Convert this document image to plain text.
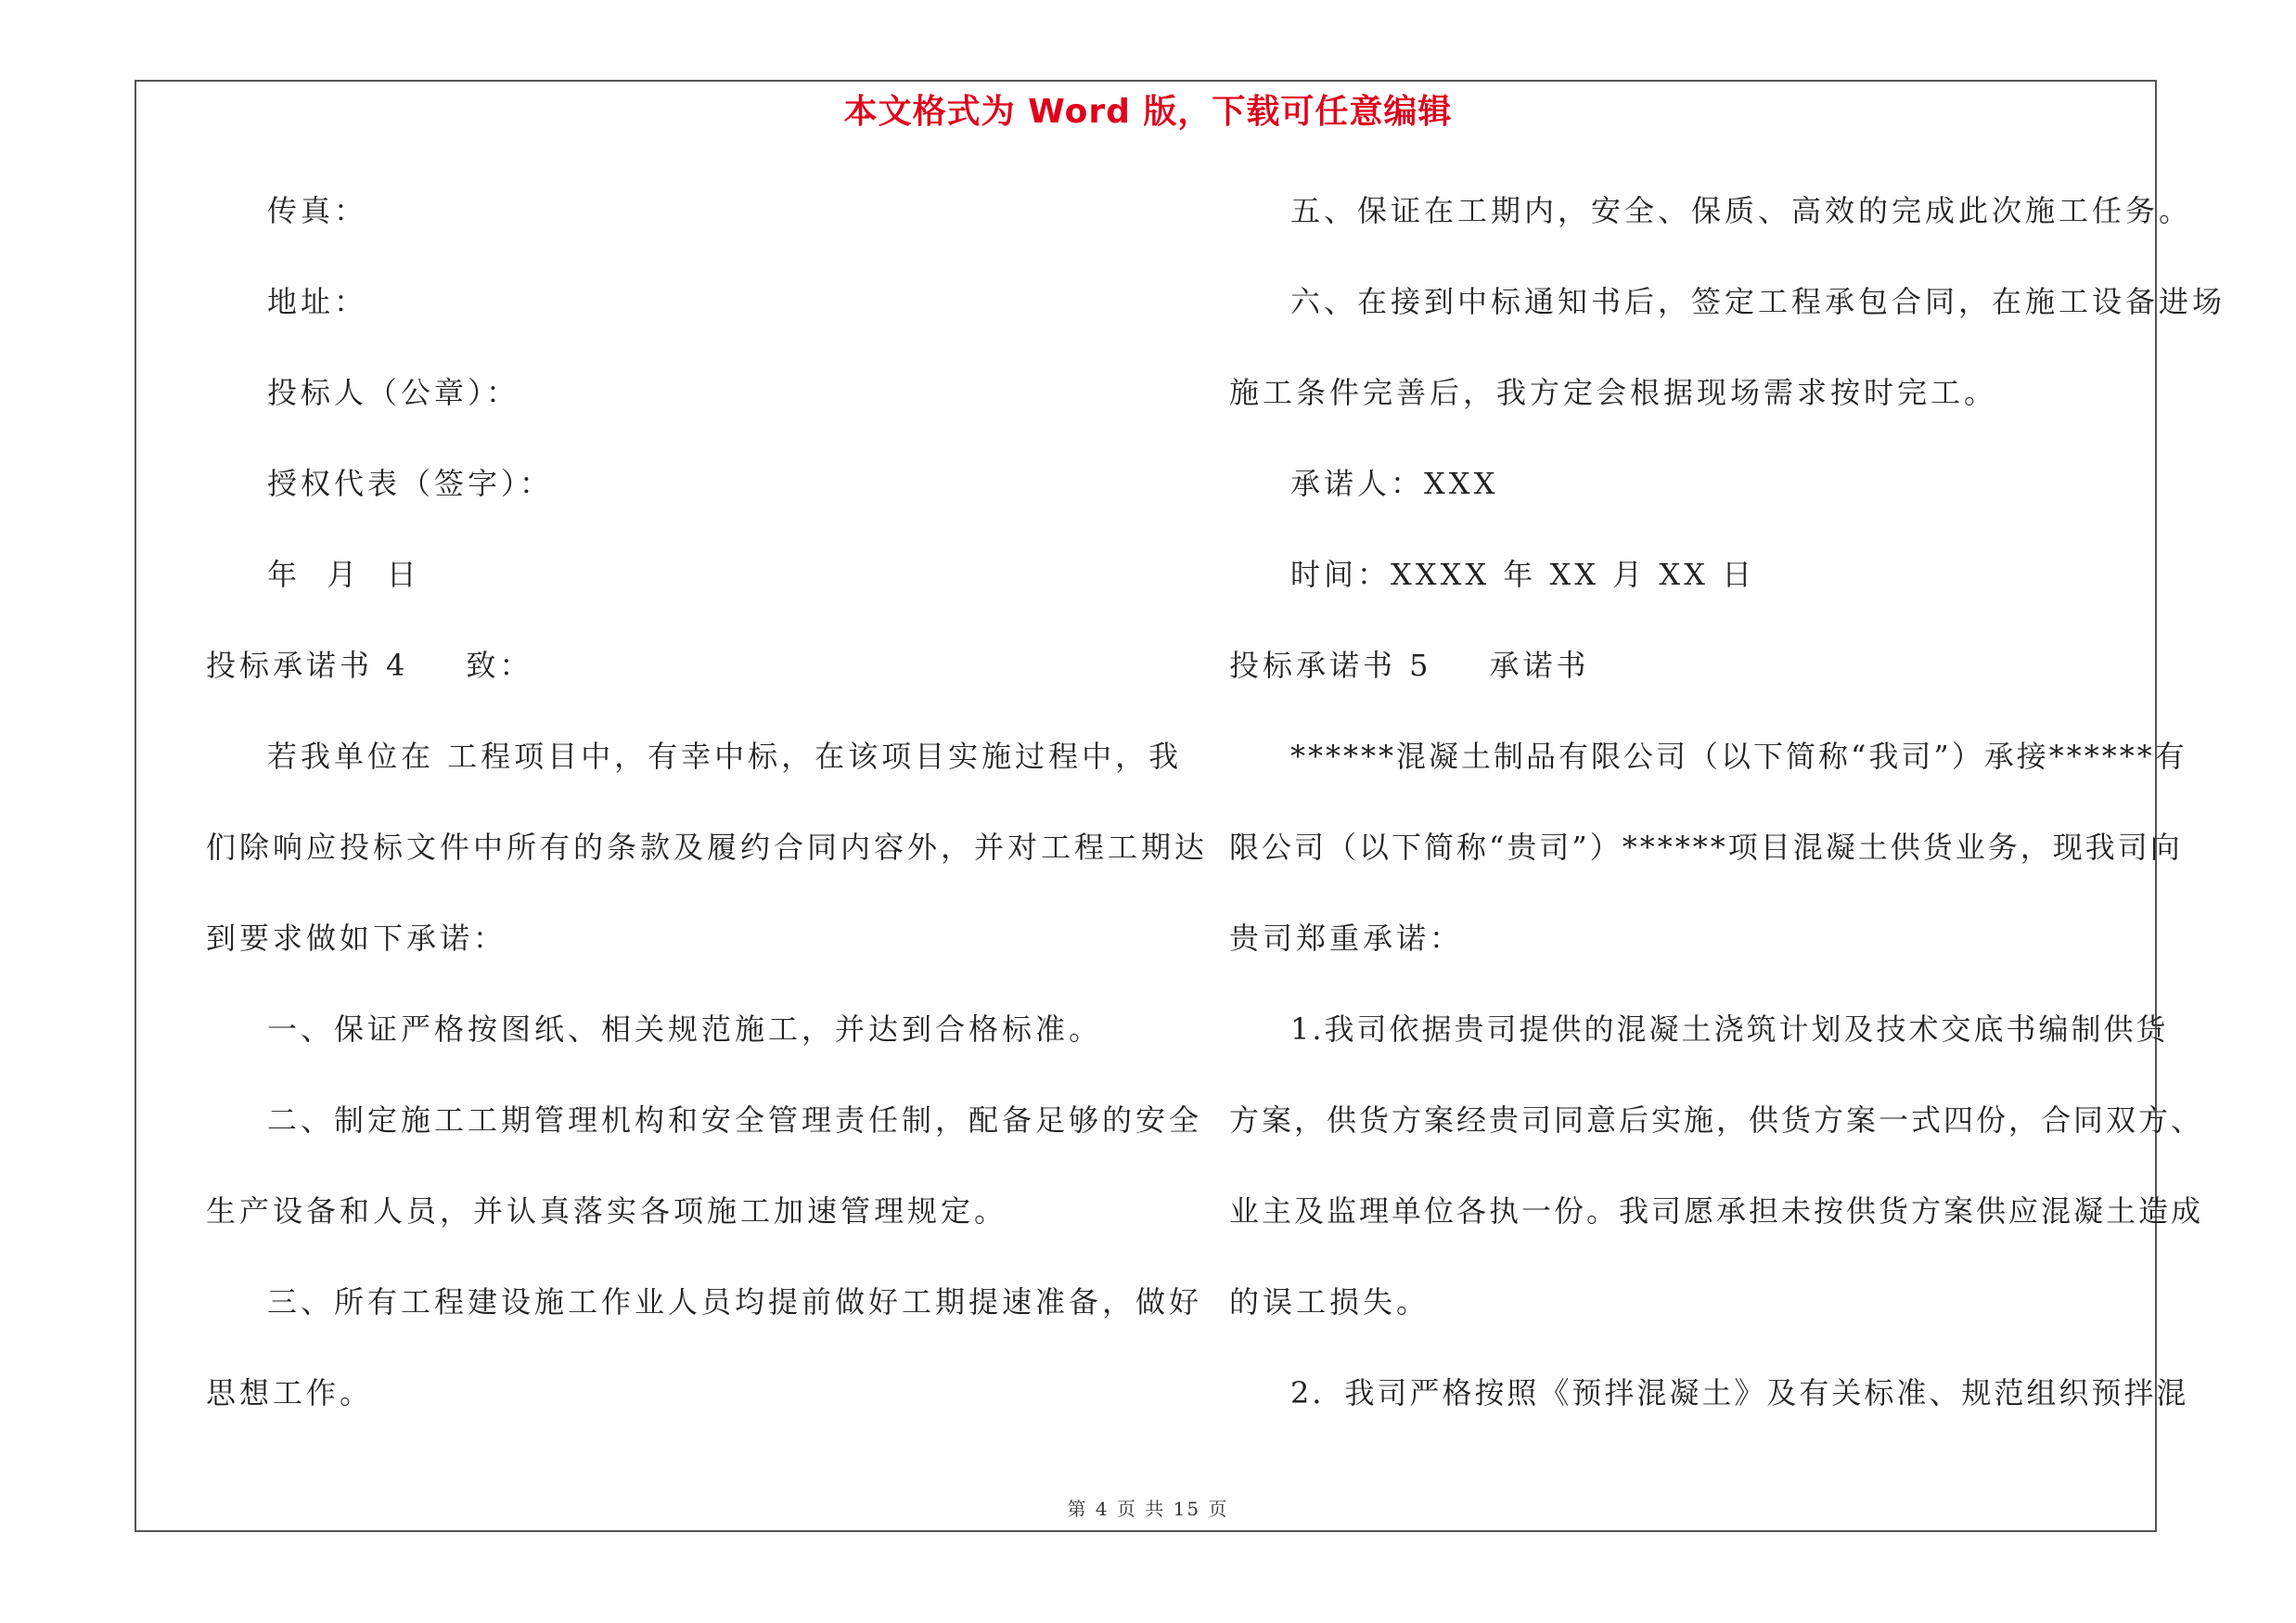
本文格式为 Word 版，下载可任意编辑
传真：
地址：
投标人（公章）：
授权代表（签字）：
年  月  日
投标承诺书 4 致：
若我单位在 工程项目中，有幸中标，在该项目实施过程中，我
们除响应投标文件中所有的条款及履约合同内容外，并对工程工期达
到要求做如下承诺：
一、保证严格按图纸、相关规范施工，并达到合格标准。
二、制定施工工期管理机构和安全管理责任制，配备足够的安全
生产设备和人员，并认真落实各项施工加速管理规定。
三、所有工程建设施工作业人员均提前做好工期提速准备，做好
思想工作。
五、保证在工期内，安全、保质、高效的完成此次施工任务。
六、在接到中标通知书后，签定工程承包合同，在施工设备进场
施工条件完善后，我方定会根据现场需求按时完工。
承诺人：XXX
时间：XXXX 年 XX 月 XX 日
投标承诺书 5 承诺书
******混凝土制品有限公司（以下简称“我司”）承接******有
限公司（以下简称“贵司”）******项目混凝土供货业务，现我司向
贵司郑重承诺：
1.我司依据贵司提供的混凝土浇筑计划及技术交底书编制供货
方案，供货方案经贵司同意后实施，供货方案一式四份，合同双方、
业主及监理单位各执一份。我司愿承担未按供货方案供应混凝土造成
的误工损失。
2．我司严格按照《预拌混凝土》及有关标准、规范组织预拌混
第 4 页 共 15 页
